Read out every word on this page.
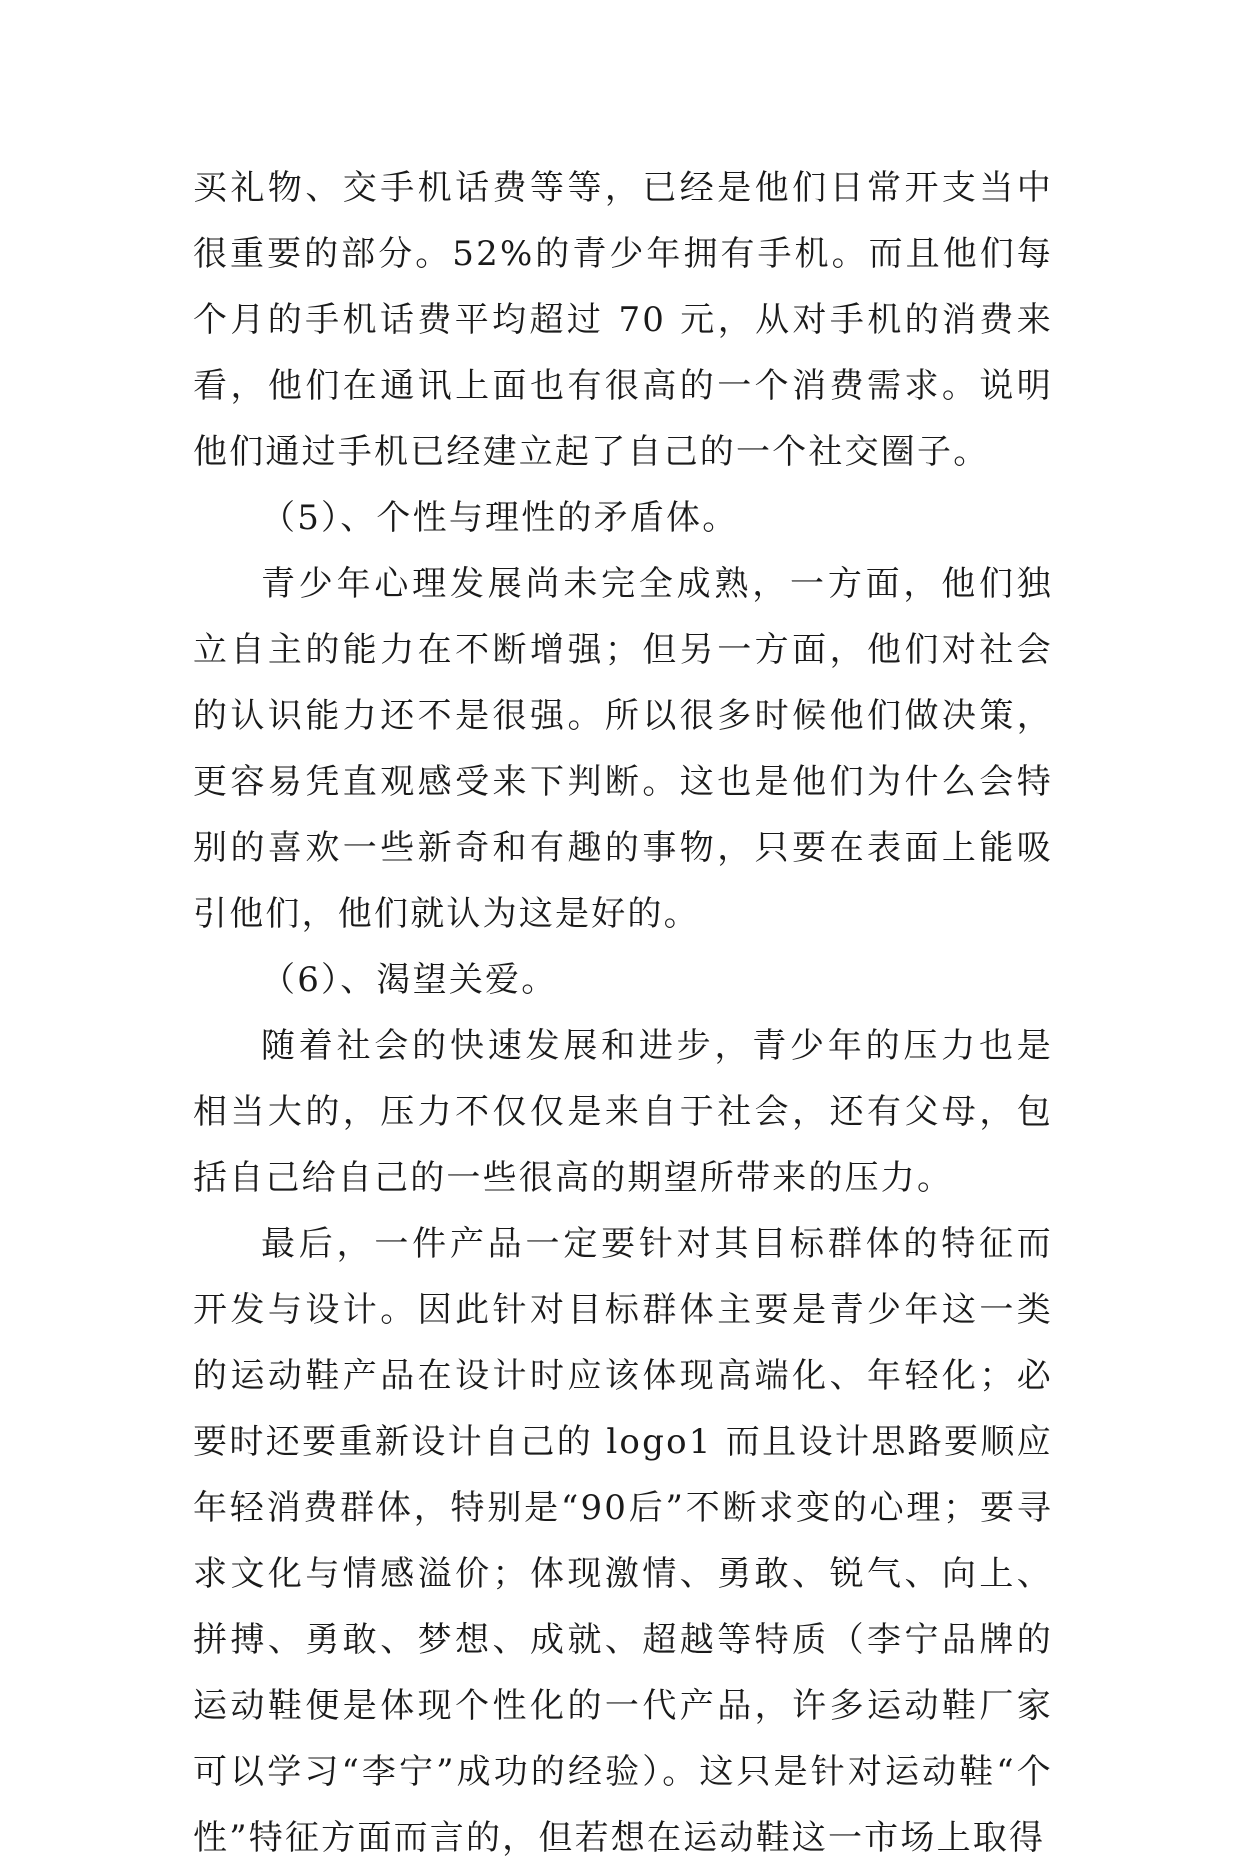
买礼物、交手机话费等等，已经是他们日常开支当中很重要的部分。52%的青少年拥有手机。而且他们每个月的手机话费平均超过 70 元，从对手机的消费来看，他们在通讯上面也有很高的一个消费需求。说明他们通过手机已经建立起了自己的一个社交圈子。

（5）、个性与理性的矛盾体。

青少年心理发展尚未完全成熟，一方面，他们独立自主的能力在不断增强；但另一方面，他们对社会的认识能力还不是很强。所以很多时候他们做决策，更容易凭直观感受来下判断。这也是他们为什么会特别的喜欢一些新奇和有趣的事物，只要在表面上能吸引他们，他们就认为这是好的。

（6）、渴望关爱。

随着社会的快速发展和进步，青少年的压力也是相当大的，压力不仅仅是来自于社会，还有父母，包括自己给自己的一些很高的期望所带来的压力。

最后，一件产品一定要针对其目标群体的特征而开发与设计。因此针对目标群体主要是青少年这一类的运动鞋产品在设计时应该体现高端化、年轻化；必要时还要重新设计自己的 logo1 而且设计思路要顺应年轻消费群体，特别是“90后”不断求变的心理；要寻求文化与情感溢价；体现激情、勇敢、锐气、向上、拼搏、勇敢、梦想、成就、超越等特质（李宁品牌的运动鞋便是体现个性化的一代产品，许多运动鞋厂家可以学习“李宁”成功的经验）。这只是针对运动鞋“个性”特征方面而言的，但若想在运动鞋这一市场上取得
